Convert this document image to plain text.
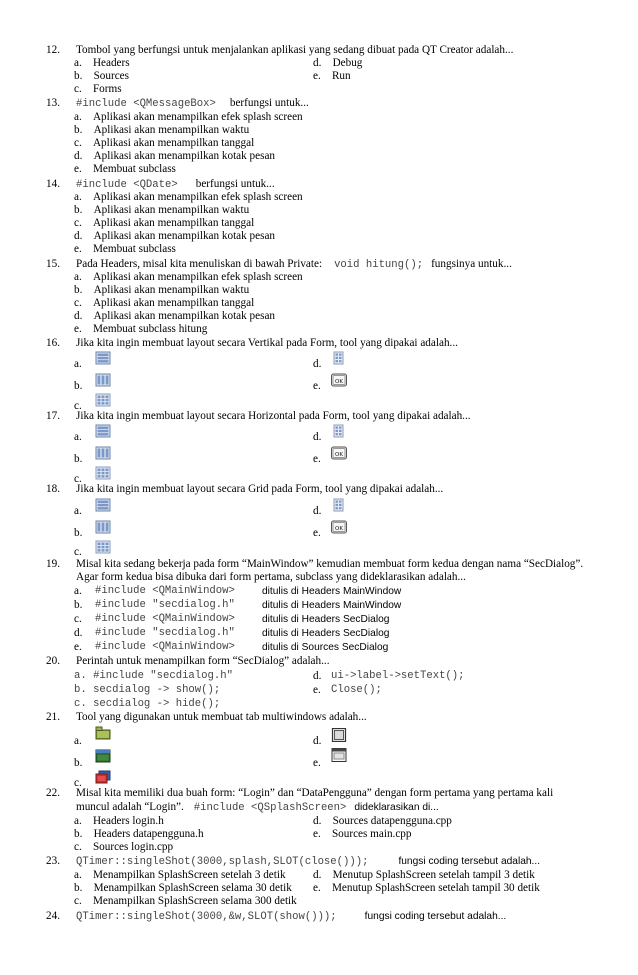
12. Tombol yang berfungsi untuk menjalankan aplikasi yang sedang dibuat pada QT Creator adalah...
a. Headers	d. Debug
b. Sources	e. Run
c. Forms
13. #include <QMessageBox> berfungsi untuk...
a. Aplikasi akan menampilkan efek splash screen
b. Aplikasi akan menampilkan waktu
c. Aplikasi akan menampilkan tanggal
d. Aplikasi akan menampilkan kotak pesan
e. Membuat subclass
14. #include <QDate> berfungsi untuk...
a. Aplikasi akan menampilkan efek splash screen
b. Aplikasi akan menampilkan waktu
c. Aplikasi akan menampilkan tanggal
d. Aplikasi akan menampilkan kotak pesan
e. Membuat subclass
15. Pada Headers, misal kita menuliskan di bawah Private: void hitung(); fungsinya untuk...
a. Aplikasi akan menampilkan efek splash screen
b. Aplikasi akan menampilkan waktu
c. Aplikasi akan menampilkan tanggal
d. Aplikasi akan menampilkan kotak pesan
e. Membuat subclass hitung
16. Jika kita ingin membuat layout secara Vertikal pada Form, tool yang dipakai adalah...
a.	d.
b.	e.
c.
17. Jika kita ingin membuat layout secara Horizontal pada Form, tool yang dipakai adalah...
a.	d.
b.	e.
c.
18. Jika kita ingin membuat layout secara Grid pada Form, tool yang dipakai adalah...
a.	d.
b.	e.
c.
19. Misal kita sedang bekerja pada form “MainWindow” kemudian membuat form kedua dengan nama “SecDialog”.
Agar form kedua bisa dibuka dari form pertama, subclass yang dideklarasikan adalah...
a. #include <QMainWindow>	ditulis di Headers MainWindow
b. #include "secdialog.h"	ditulis di Headers MainWindow
c. #include <QMainWindow>	ditulis di Headers SecDialog
d. #include "secdialog.h"	ditulis di Headers SecDialog
e. #include <QMainWindow>	ditulis di Sources SecDialog
20. Perintah untuk menampilkan form “SecDialog” adalah...
a. #include "secdialog.h"	d. ui->label->setText();
b. secdialog -> show();	e. Close();
c. secdialog -> hide();
21. Tool yang digunakan untuk membuat tab multiwindows adalah...
a.	d.
b.	e.
c.
22. Misal kita memiliki dua buah form: “Login” dan “DataPengguna” dengan form pertama yang pertama kali
muncul adalah “Login”. #include <QSplashScreen> dideklarasikan di...
a. Headers login.h	d. Sources datapengguna.cpp
b. Headers datapengguna.h	e. Sources main.cpp
c. Sources login.cpp
23. QTimer::singleShot(3000,splash,SLOT(close()));	fungsi coding tersebut adalah...
a. Menampilkan SplashScreen setelah 3 detik d. Menutup SplashScreen setelah tampil 3 detik
b. Menampilkan SplashScreen selama 30 detik e. Menutup SplashScreen setelah tampil 30 detik
c. Menampilkan SplashScreen selama 300 detik
24. QTimer::singleShot(3000,&w,SLOT(show()));	fungsi coding tersebut adalah...
